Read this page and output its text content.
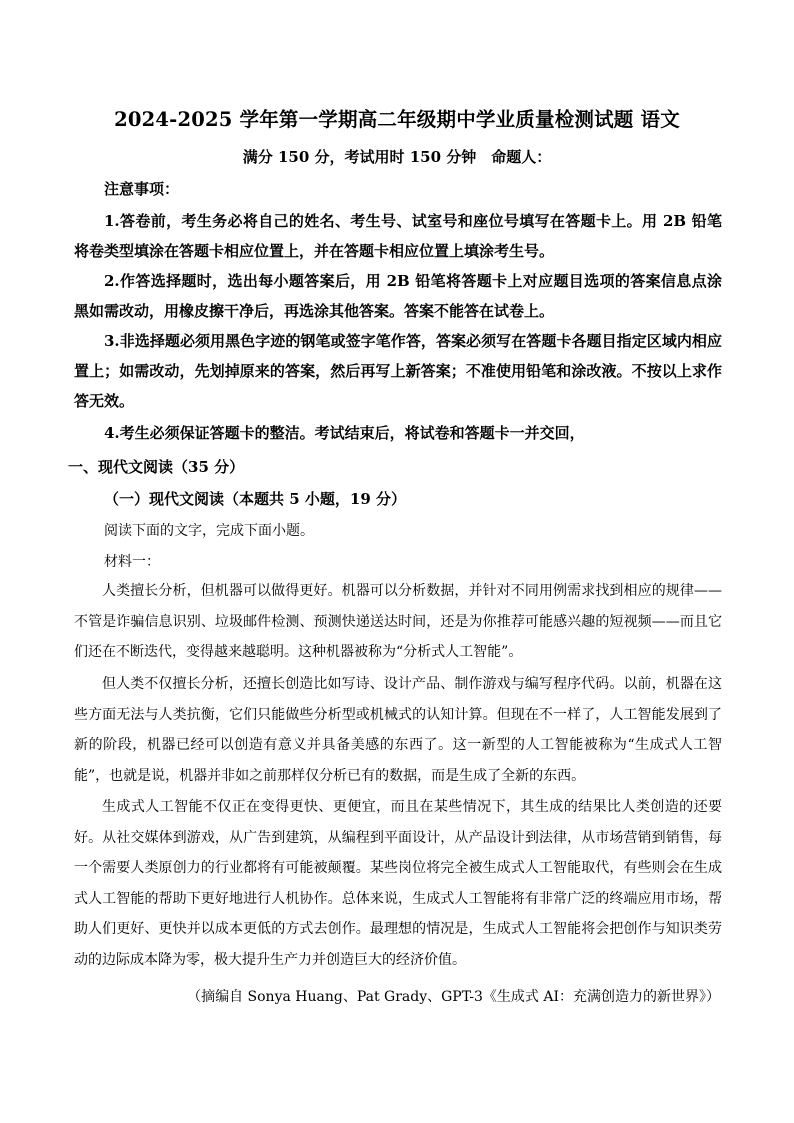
2024-2025 学年第一学期高二年级期中学业质量检测试题 语文
满分 150 分，考试用时 150 分钟　命题人：
注意事项：

1.答卷前，考生务必将自己的姓名、考生号、试室号和座位号填写在答题卡上。用 2B 铅笔将卷类型填涂在答题卡相应位置上，并在答题卡相应位置上填涂考生号。

2.作答选择题时，选出每小题答案后，用 2B 铅笔将答题卡上对应题目选项的答案信息点涂黑如需改动，用橡皮擦干净后，再选涂其他答案。答案不能答在试卷上。

3.非选择题必须用黑色字迹的钢笔或签字笔作答，答案必须写在答题卡各题目指定区域内相应置上；如需改动，先划掉原来的答案，然后再写上新答案；不准使用铅笔和涂改液。不按以上求作答无效。

4.考生必须保证答题卡的整洁。考试结束后，将试卷和答题卡一并交回，

一、现代文阅读（35 分）
（一）现代文阅读（本题共 5 小题，19 分）
阅读下面的文字，完成下面小题。
材料一：

人类擅长分析，但机器可以做得更好。机器可以分析数据，并针对不同用例需求找到相应的规律——不管是诈骗信息识别、垃圾邮件检测、预测快递送达时间，还是为你推荐可能感兴趣的短视频——而且它们还在不断迭代，变得越来越聪明。这种机器被称为“分析式人工智能”。

但人类不仅擅长分析，还擅长创造比如写诗、设计产品、制作游戏与编写程序代码。以前，机器在这些方面无法与人类抗衡，它们只能做些分析型或机械式的认知计算。但现在不一样了，人工智能发展到了新的阶段，机器已经可以创造有意义并具备美感的东西了。这一新型的人工智能被称为“生成式人工智能”，也就是说，机器并非如之前那样仅分析已有的数据，而是生成了全新的东西。

生成式人工智能不仅正在变得更快、更便宜，而且在某些情况下，其生成的结果比人类创造的还要好。从社交媒体到游戏，从广告到建筑，从编程到平面设计，从产品设计到法律，从市场营销到销售，每一个需要人类原创力的行业都将有可能被颠覆。某些岗位将完全被生成式人工智能取代，有些则会在生成式人工智能的帮助下更好地进行人机协作。总体来说，生成式人工智能将有非常广泛的终端应用市场，帮助人们更好、更快并以成本更低的方式去创作。最理想的情况是，生成式人工智能将会把创作与知识类劳动的边际成本降为零，极大提升生产力并创造巨大的经济价值。

（摘编自 Sonya Huang、Pat Grady、GPT-3《生成式 AI：充满创造力的新世界》）
